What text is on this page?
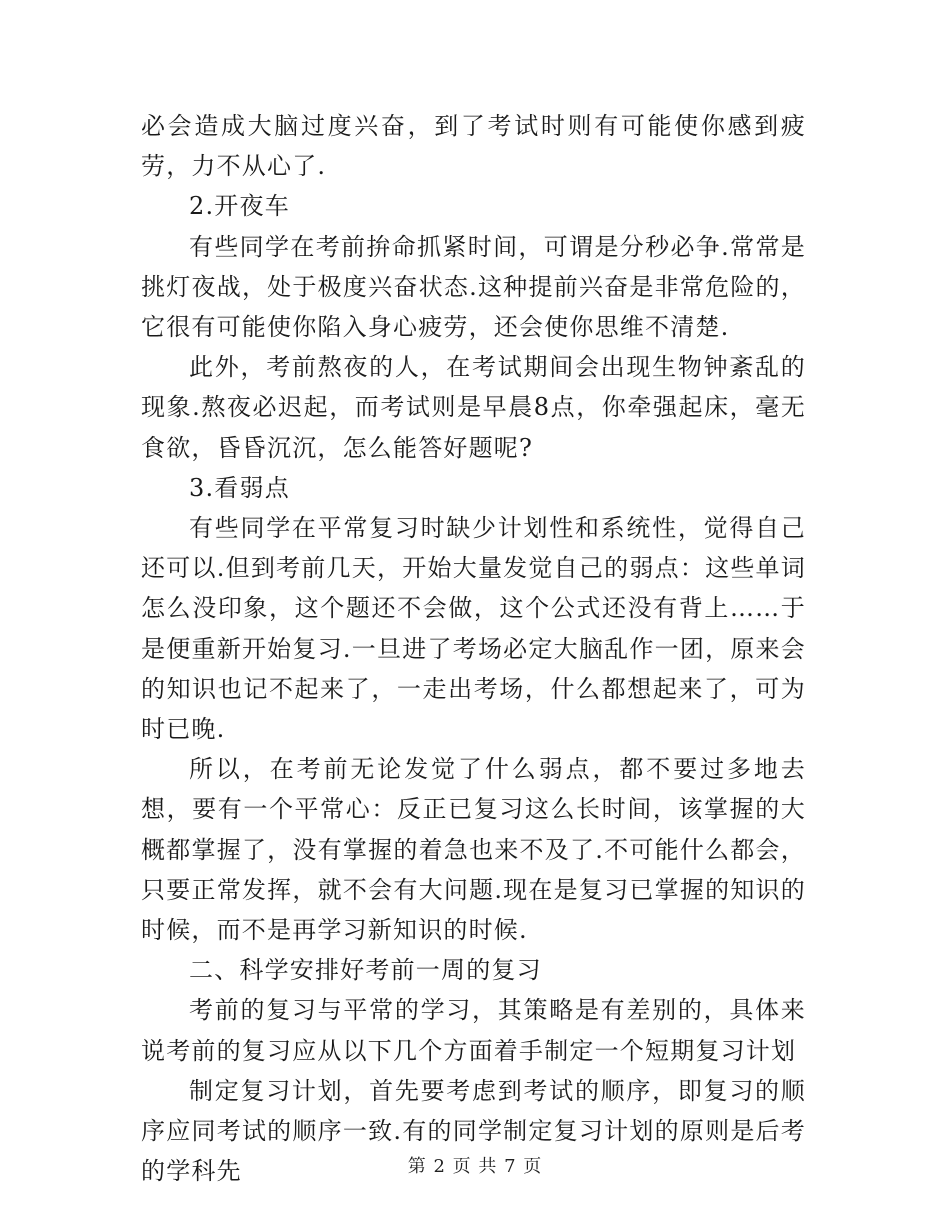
必会造成大脑过度兴奋，到了考试时则有可能使你感到疲劳，力不从心了.

2.开夜车

有些同学在考前拚命抓紧时间，可谓是分秒必争.常常是挑灯夜战，处于极度兴奋状态.这种提前兴奋是非常危险的，它很有可能使你陷入身心疲劳，还会使你思维不清楚.

此外，考前熬夜的人，在考试期间会出现生物钟紊乱的现象.熬夜必迟起，而考试则是早晨8点，你牵强起床，毫无食欲，昏昏沉沉，怎么能答好题呢?

3.看弱点

有些同学在平常复习时缺少计划性和系统性，觉得自己还可以.但到考前几天，开始大量发觉自己的弱点：这些单词怎么没印象，这个题还不会做，这个公式还没有背上……于是便重新开始复习.一旦进了考场必定大脑乱作一团，原来会的知识也记不起来了，一走出考场，什么都想起来了，可为时已晚.

所以，在考前无论发觉了什么弱点，都不要过多地去想，要有一个平常心：反正已复习这么长时间，该掌握的大概都掌握了，没有掌握的着急也来不及了.不可能什么都会，只要正常发挥，就不会有大问题.现在是复习已掌握的知识的时候，而不是再学习新知识的时候.

二、科学安排好考前一周的复习

考前的复习与平常的学习，其策略是有差别的，具体来说考前的复习应从以下几个方面着手制定一个短期复习计划

制定复习计划，首先要考虑到考试的顺序，即复习的顺序应同考试的顺序一致.有的同学制定复习计划的原则是后考的学科先	第 2 页 共 7 页
